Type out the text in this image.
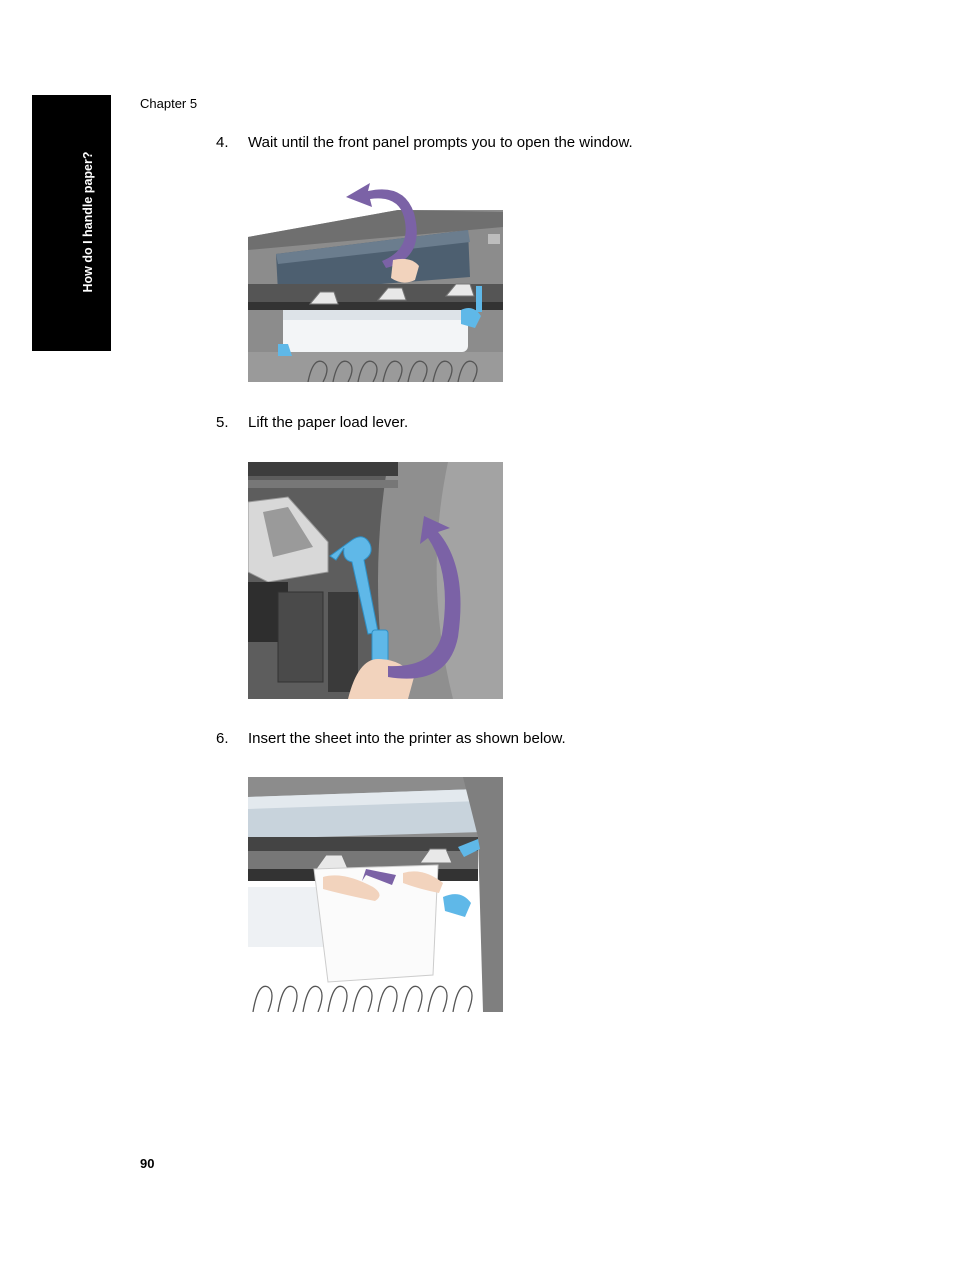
How do I handle paper?
Chapter 5
4. Wait until the front panel prompts you to open the window.
5. Lift the paper load lever.
6. Insert the sheet into the printer as shown below.
90
